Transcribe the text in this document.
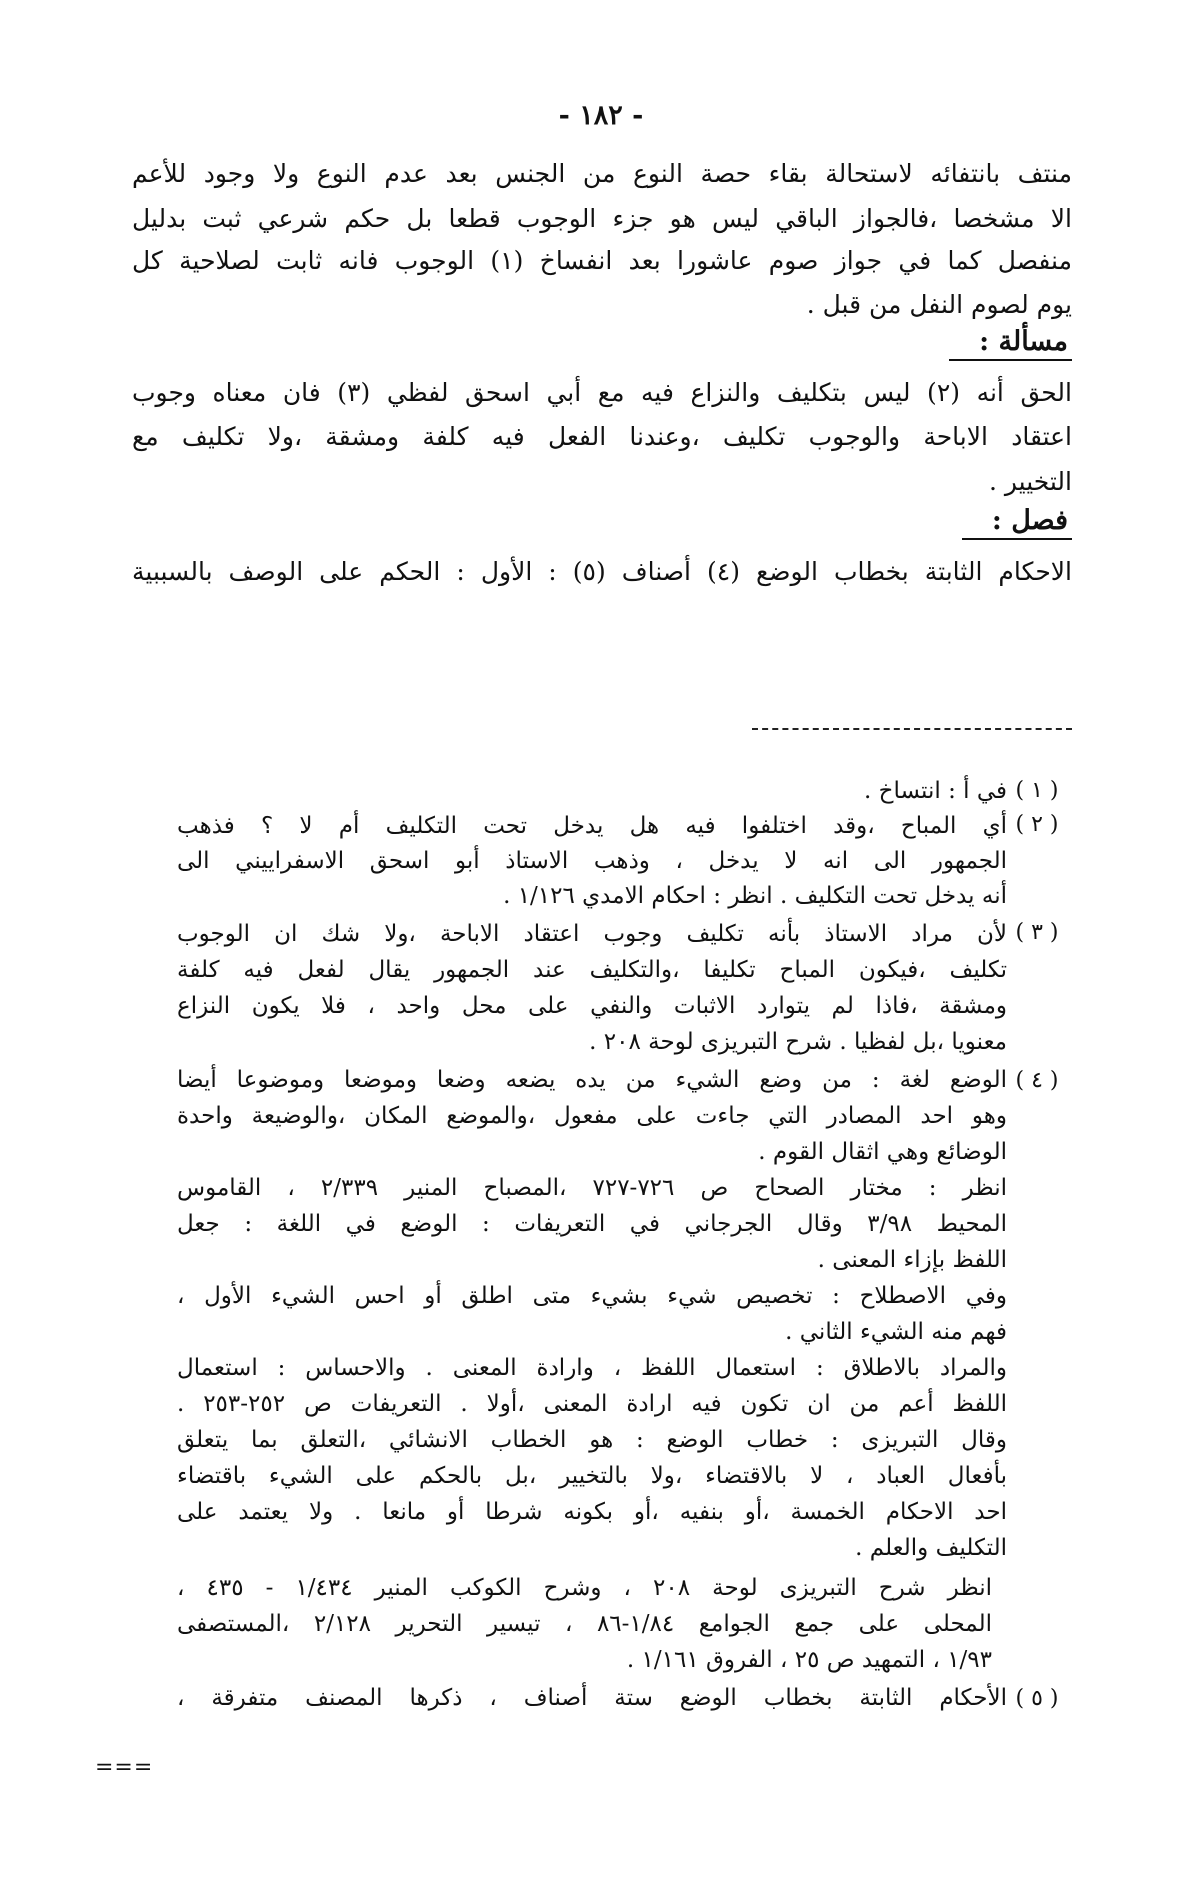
- ١٨٢ -
منتف بانتفائه لاستحالة بقاء حصة النوع من الجنس بعد عدم النوع ولا وجود للأعم
الا مشخصا ،فالجواز الباقي ليس هو جزء الوجوب قطعا بل حكم شرعي ثبت بدليل
منفصل كما في جواز صوم عاشورا بعد انفساخ (١) الوجوب فانه ثابت لصلاحية كل
يوم لصوم النفل من قبل .
مسألة :
الحق أنه (٢) ليس بتكليف والنزاع فيه مع أبي اسحق لفظي (٣) فان معناه وجوب
اعتقاد الاباحة والوجوب تكليف ،وعندنا الفعل فيه كلفة ومشقة ،ولا تكليف مع
التخيير .
فصل :
الاحكام الثابتة بخطاب الوضع (٤) أصناف (٥) : الأول : الحكم على الوصف بالسببية
( ١ )
في أ : انتساخ .
( ٢ )
أي المباح ،وقد اختلفوا فيه هل يدخل تحت التكليف أم لا ؟ فذهب
الجمهور الى انه لا يدخل ، وذهب الاستاذ أبو اسحق الاسفراييني الى
أنه يدخل تحت التكليف . انظر : احكام الامدي ١/١٢٦ .
( ٣ )
لأن مراد الاستاذ بأنه تكليف وجوب اعتقاد الاباحة ،ولا شك ان الوجوب
تكليف ،فيكون المباح تكليفا ،والتكليف عند الجمهور يقال لفعل فيه كلفة
ومشقة ،فاذا لم يتوارد الاثبات والنفي على محل واحد ، فلا يكون النزاع
معنويا ،بل لفظيا . شرح التبريزى لوحة ٢٠٨ .
( ٤ )
الوضع لغة : من وضع الشيء من يده يضعه وضعا وموضعا وموضوعا أيضا
وهو احد المصادر التي جاءت على مفعول ،والموضع المكان ،والوضيعة واحدة
الوضائع وهي اثقال القوم .
انظر : مختار الصحاح ص ٧٢٦-٧٢٧ ،المصباح المنير ٢/٣٣٩ ، القاموس
المحيط ٣/٩٨ وقال الجرجاني في التعريفات : الوضع في اللغة : جعل
اللفظ بإزاء المعنى .
وفي الاصطلاح : تخصيص شيء بشيء متى اطلق أو احس الشيء الأول ،
فهم منه الشيء الثاني .
والمراد بالاطلاق : استعمال اللفظ ، وارادة المعنى . والاحساس : استعمال
اللفظ أعم من ان تكون فيه ارادة المعنى ،أولا . التعريفات ص ٢٥٢-٢٥٣ .
وقال التبريزى : خطاب الوضع : هو الخطاب الانشائي ،التعلق بما يتعلق
بأفعال العباد ، لا بالاقتضاء ،ولا بالتخيير ،بل بالحكم على الشيء باقتضاء
احد الاحكام الخمسة ،أو بنفيه ،أو بكونه شرطا أو مانعا . ولا يعتمد على
التكليف والعلم .
انظر شرح التبريزى لوحة ٢٠٨ ، وشرح الكوكب المنير ١/٤٣٤ - ٤٣٥ ،
المحلى على جمع الجوامع ١/٨٤-٨٦ ، تيسير التحرير ٢/١٢٨ ،المستصفى
١/٩٣ ، التمهيد ص ٢٥ ، الفروق ١/١٦١ .
( ٥ )
الأحكام الثابتة بخطاب الوضع ستة أصناف ، ذكرها المصنف متفرقة ،
===
